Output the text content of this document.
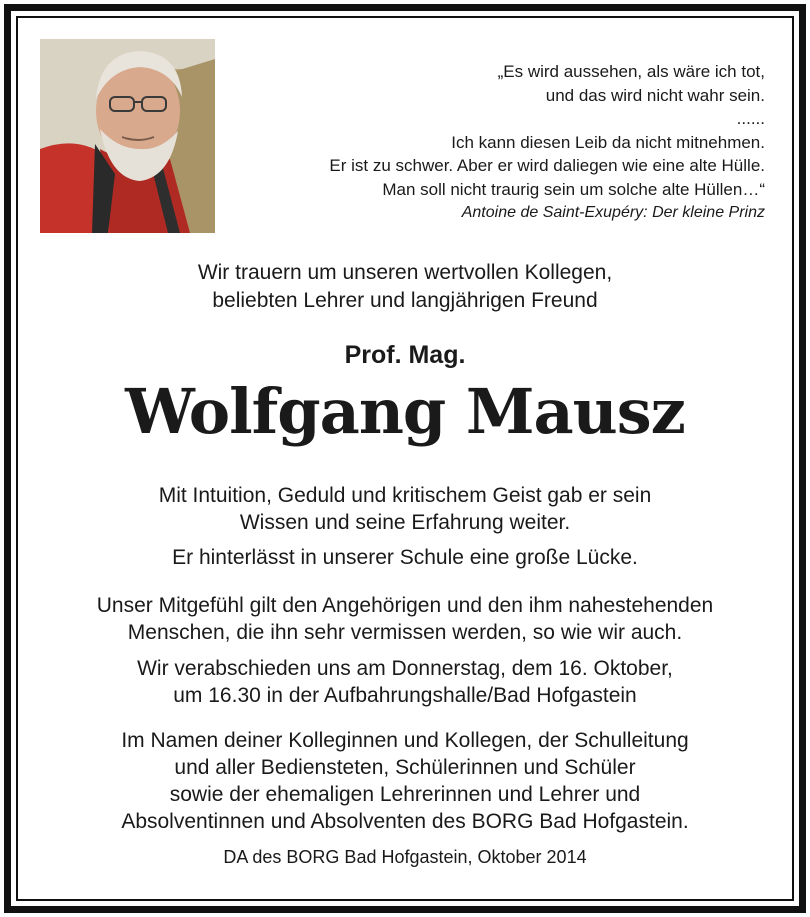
„Es wird aussehen, als wäre ich tot,
und das wird nicht wahr sein.
......
Ich kann diesen Leib da nicht mitnehmen.
Er ist zu schwer. Aber er wird daliegen wie eine alte Hülle.
Man soll nicht traurig sein um solche alte Hüllen…“
Antoine de Saint-Exupéry: Der kleine Prinz
Wir trauern um unseren wertvollen Kollegen,
beliebten Lehrer und langjährigen Freund
Prof. Mag.
Wolfgang Mausz
Mit Intuition, Geduld und kritischem Geist gab er sein
Wissen und seine Erfahrung weiter.
Er hinterlässt in unserer Schule eine große Lücke.
Unser Mitgefühl gilt den Angehörigen und den ihm nahestehenden
Menschen, die ihn sehr vermissen werden, so wie wir auch.
Wir verabschieden uns am Donnerstag, dem 16. Oktober,
um 16.30 in der Aufbahrungshalle/Bad Hofgastein
Im Namen deiner Kolleginnen und Kollegen, der Schulleitung
und aller Bediensteten, Schülerinnen und Schüler
sowie der ehemaligen Lehrerinnen und Lehrer und
Absolventinnen und Absolventen des BORG Bad Hofgastein.
DA des BORG Bad Hofgastein, Oktober 2014
